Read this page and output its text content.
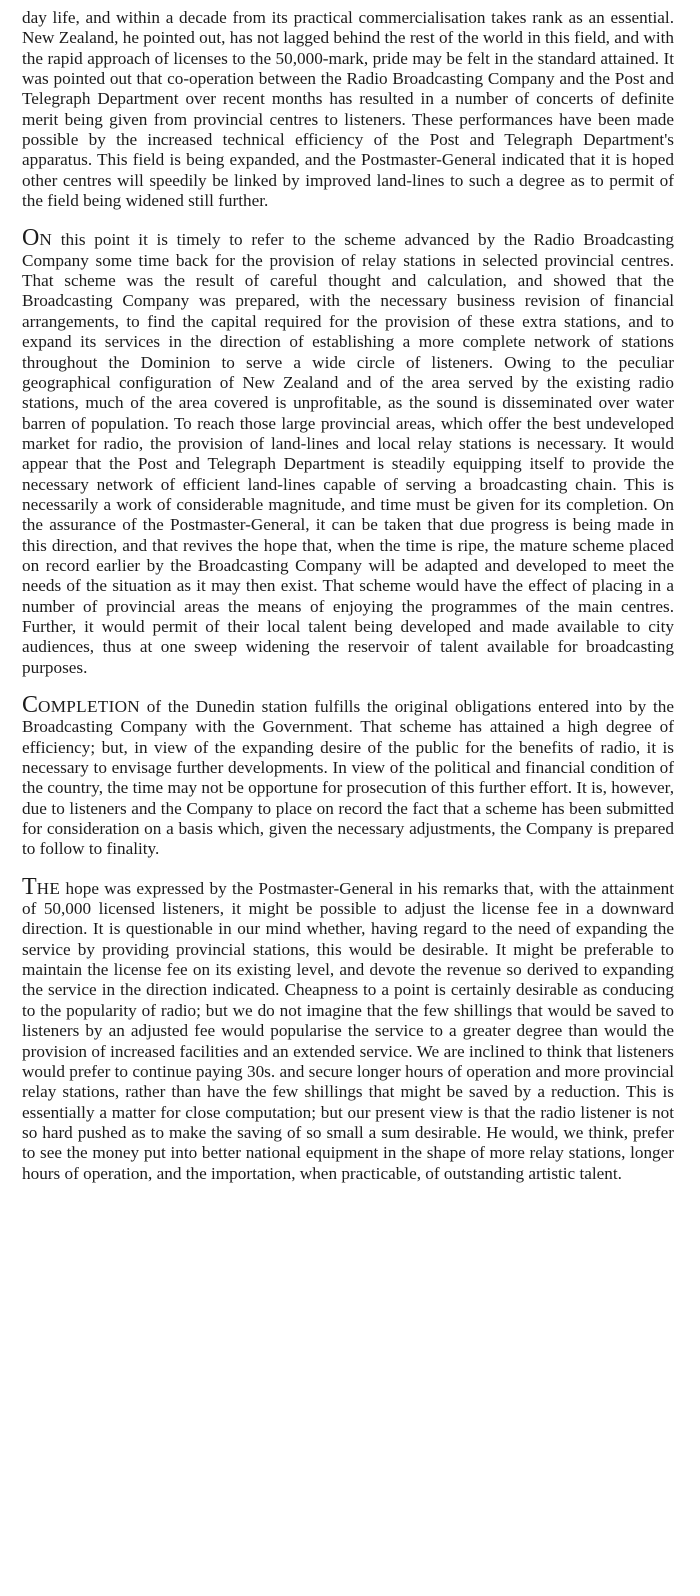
day life, and within a decade from its practical commercialisation takes rank as an essential. New Zealand, he pointed out, has not lagged behind the rest of the world in this field, and with the rapid approach of licenses to the 50,000-mark, pride may be felt in the standard attained. It was pointed out that co-operation between the Radio Broadcasting Company and the Post and Telegraph Department over recent months has resulted in a number of concerts of definite merit being given from provincial centres to listeners. These performances have been made possible by the increased technical efficiency of the Post and Telegraph Department's apparatus. This field is being expanded, and the Postmaster-General indicated that it is hoped other centres will speedily be linked by improved land-lines to such a degree as to permit of the field being widened still further.

ON this point it is timely to refer to the scheme advanced by the Radio Broadcasting Company some time back for the provision of relay stations in selected provincial centres. That scheme was the result of careful thought and calculation, and showed that the Broadcasting Company was prepared, with the necessary business revision of financial arrangements, to find the capital required for the provision of these extra stations, and to expand its services in the direction of establishing a more complete network of stations throughout the Dominion to serve a wide circle of listeners. Owing to the peculiar geographical configuration of New Zealand and of the area served by the existing radio stations, much of the area covered is unprofitable, as the sound is disseminated over water barren of population. To reach those large provincial areas, which offer the best undeveloped market for radio, the provision of land-lines and local relay stations is necessary. It would appear that the Post and Telegraph Department is steadily equipping itself to provide the necessary network of efficient land-lines capable of serving a broadcasting chain. This is necessarily a work of considerable magnitude, and time must be given for its completion. On the assurance of the Postmaster-General, it can be taken that due progress is being made in this direction, and that revives the hope that, when the time is ripe, the mature scheme placed on record earlier by the Broadcasting Company will be adapted and developed to meet the needs of the situation as it may then exist. That scheme would have the effect of placing in a number of provincial areas the means of enjoying the programmes of the main centres. Further, it would permit of their local talent being developed and made available to city audiences, thus at one sweep widening the reservoir of talent available for broadcasting purposes.

COMPLETION of the Dunedin station fulfills the original obligations entered into by the Broadcasting Company with the Government. That scheme has attained a high degree of efficiency; but, in view of the expanding desire of the public for the benefits of radio, it is necessary to envisage further developments. In view of the political and financial condition of the country, the time may not be opportune for prosecution of this further effort. It is, however, due to listeners and the Company to place on record the fact that a scheme has been submitted for consideration on a basis which, given the necessary adjustments, the Company is prepared to follow to finality.

THE hope was expressed by the Postmaster-General in his remarks that, with the attainment of 50,000 licensed listeners, it might be possible to adjust the license fee in a downward direction. It is questionable in our mind whether, having regard to the need of expanding the service by providing provincial stations, this would be desirable. It might be preferable to maintain the license fee on its existing level, and devote the revenue so derived to expanding the service in the direction indicated. Cheapness to a point is certainly desirable as conducing to the popularity of radio; but we do not imagine that the few shillings that would be saved to listeners by an adjusted fee would popularise the service to a greater degree than would the provision of increased facilities and an extended service. We are inclined to think that listeners would prefer to continue paying 30s. and secure longer hours of operation and more provincial relay stations, rather than have the few shillings that might be saved by a reduction. This is essentially a matter for close computation; but our present view is that the radio listener is not so hard pushed as to make the saving of so small a sum desirable. He would, we think, prefer to see the money put into better national equipment in the shape of more relay stations, longer hours of operation, and the importation, when practicable, of outstanding artistic talent.
